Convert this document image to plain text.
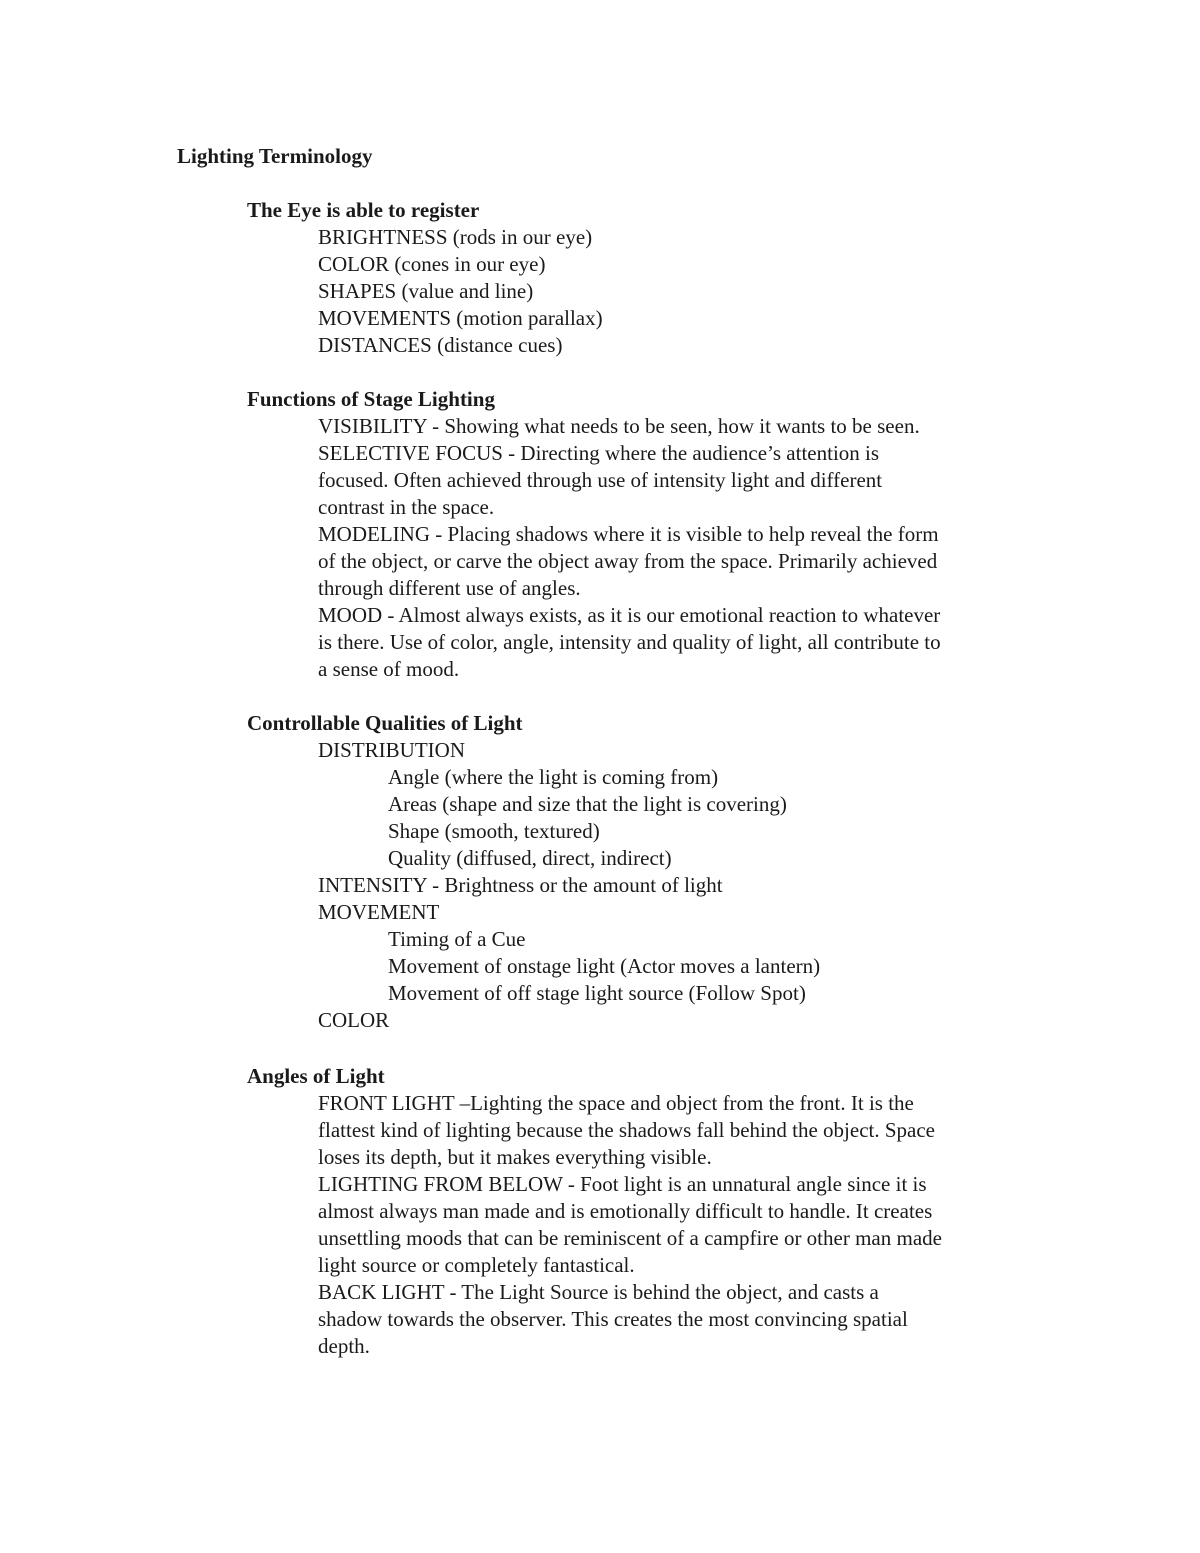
Lighting Terminology
The Eye is able to register
BRIGHTNESS (rods in our eye)
COLOR (cones in our eye)
SHAPES (value and line)
MOVEMENTS (motion parallax)
DISTANCES (distance cues)
Functions of Stage Lighting
VISIBILITY - Showing what needs to be seen, how it wants to be seen.
SELECTIVE FOCUS - Directing where the audience’s attention is
focused. Often achieved through use of intensity light and different
contrast in the space.
MODELING - Placing shadows where it is visible to help reveal the form
of the object, or carve the object away from the space. Primarily achieved
through different use of angles.
MOOD - Almost always exists, as it is our emotional reaction to whatever
is there. Use of color, angle, intensity and quality of light, all contribute to
a sense of mood.
Controllable Qualities of Light
DISTRIBUTION
Angle (where the light is coming from)
Areas (shape and size that the light is covering)
Shape (smooth, textured)
Quality (diffused, direct, indirect)
INTENSITY - Brightness or the amount of light
MOVEMENT
Timing of a Cue
Movement of onstage light (Actor moves a lantern)
Movement of off stage light source (Follow Spot)
COLOR
Angles of Light
FRONT LIGHT –Lighting the space and object from the front. It is the
flattest kind of lighting because the shadows fall behind the object. Space
loses its depth, but it makes everything visible.
LIGHTING FROM BELOW - Foot light is an unnatural angle since it is
almost always man made and is emotionally difficult to handle. It creates
unsettling moods that can be reminiscent of a campfire or other man made
light source or completely fantastical.
BACK LIGHT - The Light Source is behind the object, and casts a
shadow towards the observer. This creates the most convincing spatial
depth.
